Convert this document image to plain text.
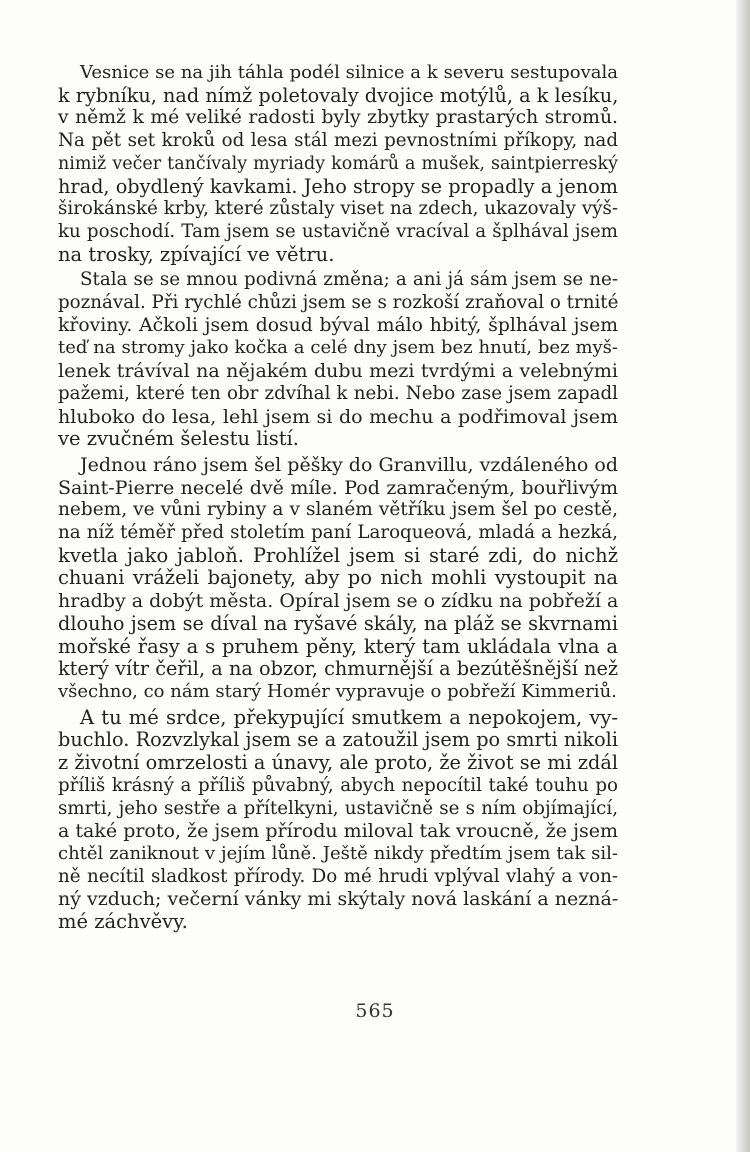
Vesnice se na jih táhla podél silnice a k severu sestupovala
k rybníku, nad nímž poletovaly dvojice motýlů, a k lesíku,
v němž k mé veliké radosti byly zbytky prastarých stromů.
Na pět set kroků od lesa stál mezi pevnostními příkopy, nad
nimiž večer tančívaly myriady komárů a mušek, saintpierreský
hrad, obydlený kavkami. Jeho stropy se propadly a jenom
širokánské krby, které zůstaly viset na zdech, ukazovaly výš-
ku poschodí. Tam jsem se ustavičně vracíval a šplhával jsem
na trosky, zpívající ve větru.
Stala se se mnou podivná změna; a ani já sám jsem se ne-
poznával. Při rychlé chůzi jsem se s rozkoší zraňoval o trnité
křoviny. Ačkoli jsem dosud býval málo hbitý, šplhával jsem
teď na stromy jako kočka a celé dny jsem bez hnutí, bez myš-
lenek trávíval na nějakém dubu mezi tvrdými a velebnými
pažemi, které ten obr zdvíhal k nebi. Nebo zase jsem zapadl
hluboko do lesa, lehl jsem si do mechu a podřimoval jsem
ve zvučném šelestu listí.
Jednou ráno jsem šel pěšky do Granvillu, vzdáleného od
Saint-Pierre necelé dvě míle. Pod zamračeným, bouřlivým
nebem, ve vůni rybiny a v slaném větříku jsem šel po cestě,
na níž téměř před stoletím paní Laroqueová, mladá a hezká,
kvetla jako jabloň. Prohlížel jsem si staré zdi, do nichž
chuani vráželi bajonety, aby po nich mohli vystoupit na
hradby a dobýt města. Opíral jsem se o zídku na pobřeží a
dlouho jsem se díval na ryšavé skály, na pláž se skvrnami
mořské řasy a s pruhem pěny, který tam ukládala vlna a
který vítr čeřil, a na obzor, chmurnější a bezútěšnější než
všechno, co nám starý Homér vypravuje o pobřeží Kimmeriů.
A tu mé srdce, překypující smutkem a nepokojem, vy-
buchlo. Rozvzlykal jsem se a zatoužil jsem po smrti nikoli
z životní omrzelosti a únavy, ale proto, že život se mi zdál
příliš krásný a příliš půvabný, abych nepocítil také touhu po
smrti, jeho sestře a přítelkyni, ustavičně se s ním objímající,
a také proto, že jsem přírodu miloval tak vroucně, že jsem
chtěl zaniknout v jejím lůně. Ještě nikdy předtím jsem tak sil-
ně necítil sladkost přírody. Do mé hrudi vplýval vlahý a von-
ný vzduch; večerní vánky mi skýtaly nová laskání a nezná-
mé záchvěvy.
565
